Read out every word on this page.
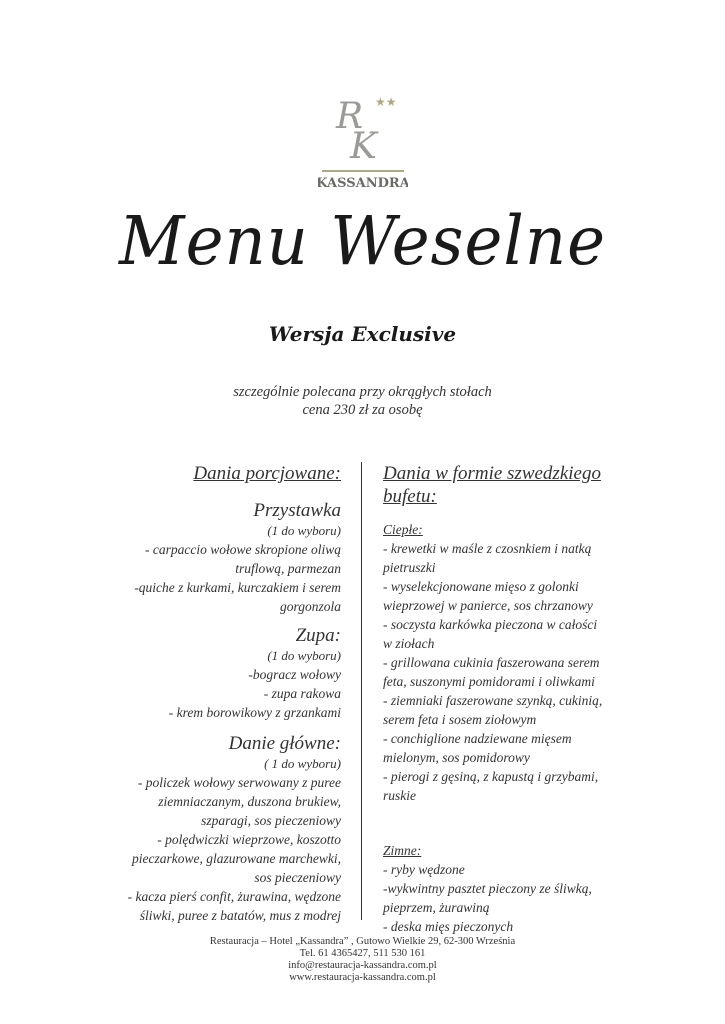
R
K
★★
KASSANDRA
Menu Weselne
Wersja Exclusive
szczególnie polecana przy okrągłych stołach
cena 230 zł za osobę
Dania porcjowane:
Przystawka
(1 do wyboru)
- carpaccio wołowe skropione oliwą
truflową, parmezan
-quiche z kurkami, kurczakiem i serem
gorgonzola
Zupa:
(1 do wyboru)
-bogracz wołowy
- zupa rakowa
- krem borowikowy z grzankami
Danie główne:
( 1 do wyboru)
- policzek wołowy serwowany z puree
ziemniaczanym, duszona brukiew,
szparagi, sos pieczeniowy
- polędwiczki wieprzowe, koszotto
pieczarkowe, glazurowane marchewki,
sos pieczeniowy
- kacza pierś confit, żurawina, wędzone
śliwki, puree z batatów, mus z modrej
Dania w formie szwedzkiego
bufetu:
Ciepłe:
- krewetki w maśle z czosnkiem i natką
pietruszki
- wyselekcjonowane mięso z golonki
wieprzowej w panierce, sos chrzanowy
- soczysta karkówka pieczona w całości
w ziołach
- grillowana cukinia faszerowana serem
feta, suszonymi pomidorami i oliwkami
- ziemniaki faszerowane szynką, cukinią,
serem feta i sosem ziołowym
- conchiglione nadziewane mięsem
mielonym, sos pomidorowy
- pierogi z gęsiną, z kapustą i grzybami,
ruskie
Zimne:
- ryby wędzone
-wykwintny pasztet pieczony ze śliwką,
pieprzem, żurawiną
- deska mięs pieczonych
Restauracja – Hotel „Kassandra” , Gutowo Wielkie 29, 62-300 Września
Tel. 61 4365427, 511 530 161
info@restauracja-kassandra.com.pl
www.restauracja-kassandra.com.pl
